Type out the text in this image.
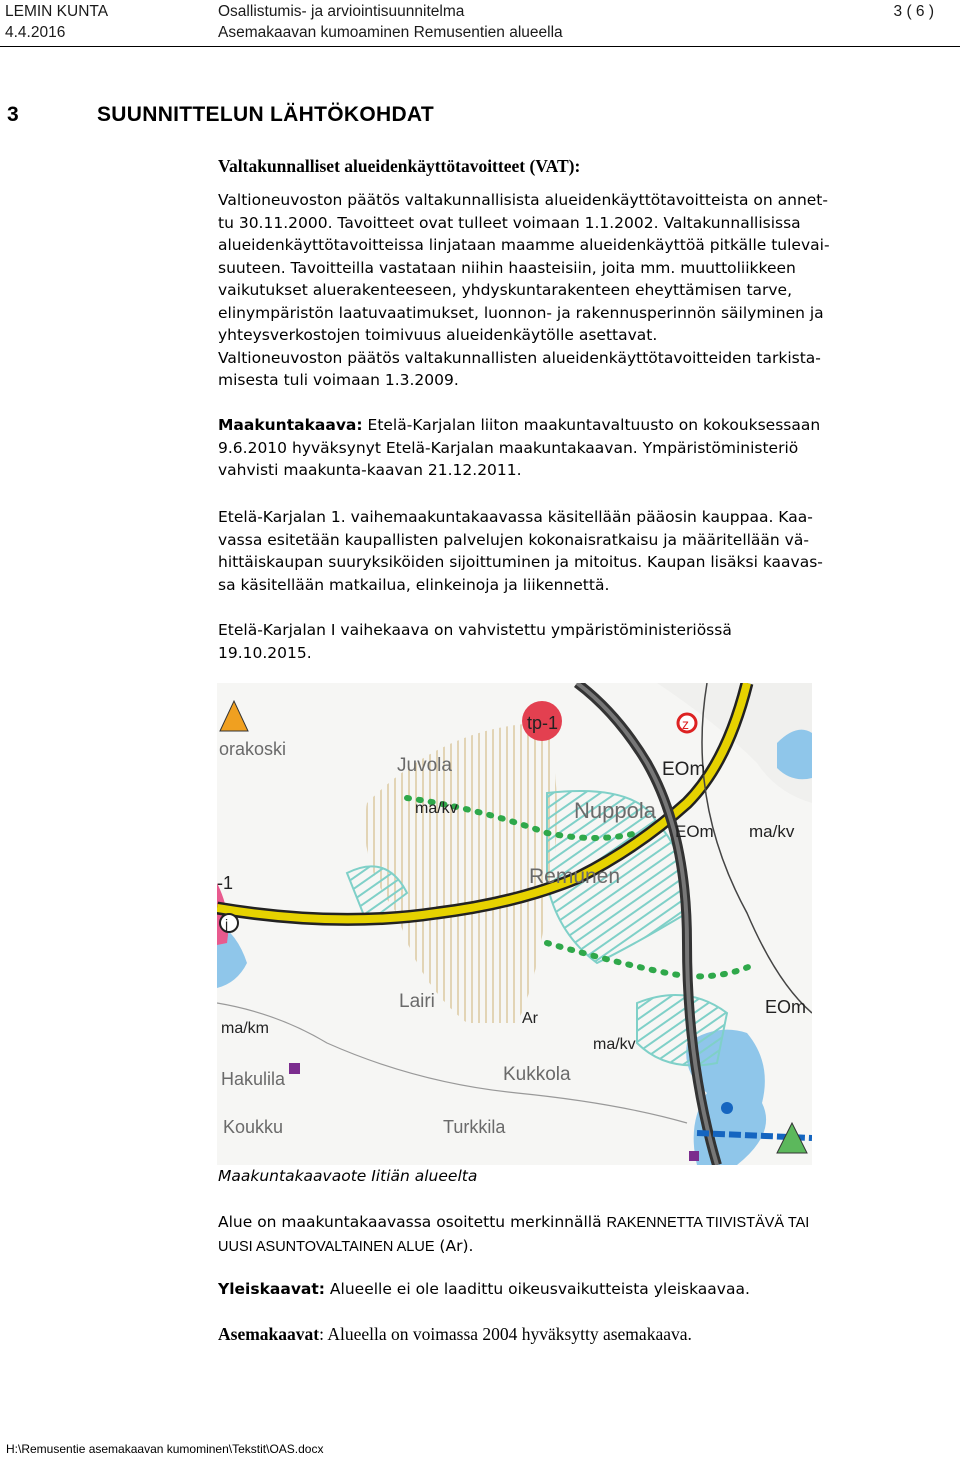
LEMIN KUNTA
4.4.2016
Osallistumis- ja arviointisuunnitelma
Asemakaavan kumoaminen Remusentien alueella
3 ( 6 )
3	SUUNNITTELUN LÄHTÖKOHDAT
Valtakunnalliset alueidenkäyttötavoitteet (VAT):
Valtioneuvoston päätös valtakunnallisista alueidenkäyttötavoitteista on annet-
tu 30.11.2000. Tavoitteet ovat tulleet voimaan 1.1.2002. Valtakunnallisissa
alueidenkäyttötavoitteissa linjataan maamme alueidenkäyttöä pitkälle tulevai-
suuteen. Tavoitteilla vastataan niihin haasteisiin, joita mm. muuttoliikkeen
vaikutukset aluerakenteeseen, yhdyskuntarakenteen eheyttämisen tarve,
elinympäristön laatuvaatimukset, luonnon- ja rakennusperinnön säilyminen ja
yhteysverkostojen toimivuus alueidenkäytölle asettavat.
Valtioneuvoston päätös valtakunnallisten alueidenkäyttötavoitteiden tarkista-
misesta tuli voimaan 1.3.2009.
Maakuntakaava: Etelä-Karjalan liiton maakuntavaltuusto on kokouksessaan
9.6.2010 hyväksynyt Etelä-Karjalan maakuntakaavan. Ympäristöministeriö
vahvisti maakunta-kaavan 21.12.2011.
Etelä-Karjalan 1. vaihemaakuntakaavassa käsitellään pääosin kauppaa. Kaa-
vassa esitetään kaupallisten palvelujen kokonaisratkaisu ja määritellään vä-
hittäiskaupan suuryksiköiden sijoittuminen ja mitoitus. Kaupan lisäksi kaavas-
sa käsitellään matkailua, elinkeinoja ja liikennettä.
Etelä-Karjalan I vaihekaava on vahvistettu ympäristöministeriössä
19.10.2015.
orakoski
Juvola
tp-1	z
EOm
ma/kv	Nuppola
EOm ma/kv
-1	Remunen
j
Lairi
Ar
EOm
ma/km
Kukkola
ma/kv
Hakulila
Koukku	Turkkila
Maakuntakaavaote Iitiän alueelta
Alue on maakuntakaavassa osoitettu merkinnällä RAKENNETTA TIIVISTÄVÄ TAI
UUSI ASUNTOVALTAINEN ALUE (Ar).
Yleiskaavat: Alueelle ei ole laadittu oikeusvaikutteista yleiskaavaa.
Asemakaavat: Alueella on voimassa 2004 hyväksytty asemakaava.
H:\Remusentie asemakaavan kumominen\Tekstit\OAS.docx
